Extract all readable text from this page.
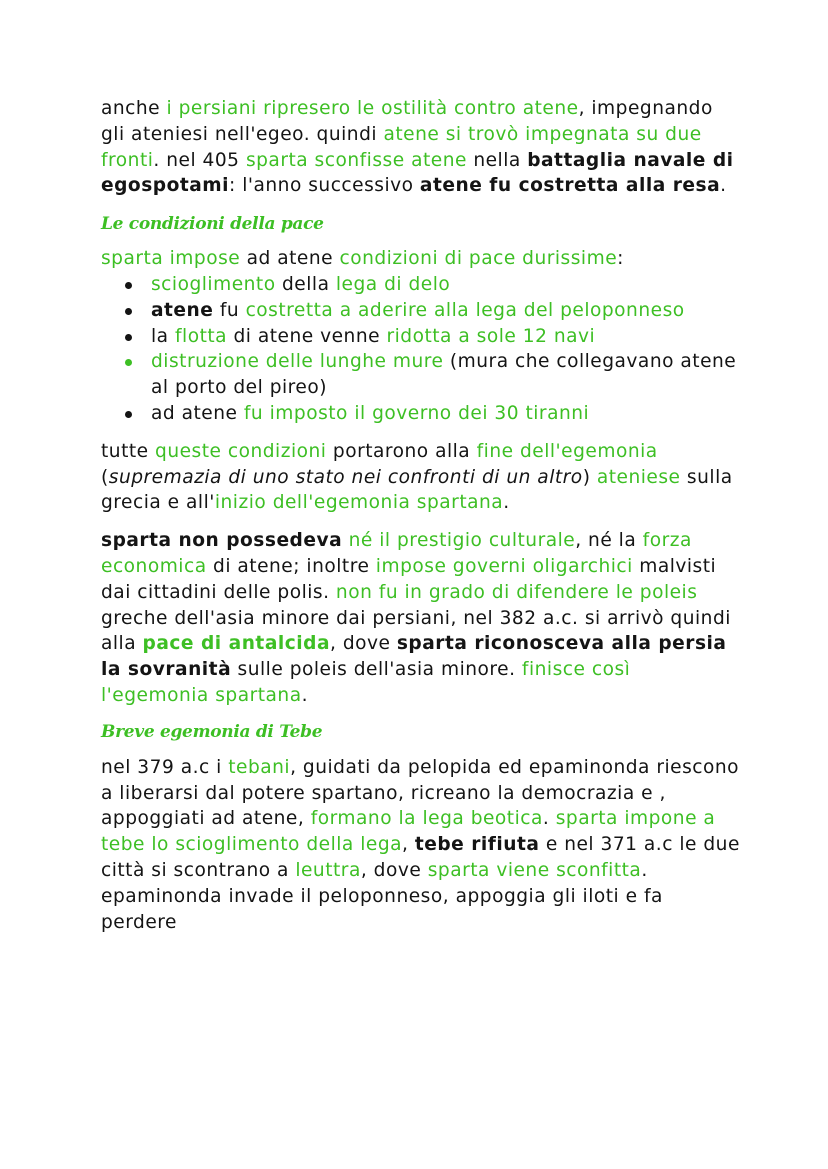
anche i persiani ripresero le ostilità contro atene, impegnando gli ateniesi nell'egeo. quindi atene si trovò impegnata su due fronti. nel 405 sparta sconfisse atene nella battaglia navale di egospotami: l'anno successivo atene fu costretta alla resa.

Le condizioni della pace

sparta impose ad atene condizioni di pace durissime:

scioglimento della lega di delo
atene fu costretta a aderire alla lega del peloponneso
la flotta di atene venne ridotta a sole 12 navi
distruzione delle lunghe mure (mura che collegavano atene al porto del pireo)
ad atene fu imposto il governo dei 30 tiranni

tutte queste condizioni portarono alla fine dell'egemonia (supremazia di uno stato nei confronti di un altro) ateniese sulla grecia e all'inizio dell'egemonia spartana.

sparta non possedeva né il prestigio culturale, né la forza economica di atene; inoltre impose governi oligarchici malvisti dai cittadini delle polis. non fu in grado di difendere le poleis greche dell'asia minore dai persiani, nel 382 a.c. si arrivò quindi alla pace di antalcida, dove sparta riconosceva alla persia la sovranità sulle poleis dell'asia minore. finisce così l'egemonia spartana.

Breve egemonia di Tebe

nel 379 a.c i tebani, guidati da pelopida ed epaminonda riescono a liberarsi dal potere spartano, ricreano la democrazia e , appoggiati ad atene, formano la lega beotica. sparta impone a tebe lo scioglimento della lega, tebe rifiuta e nel 371 a.c le due città si scontrano a leuttra, dove sparta viene sconfitta. epaminonda invade il peloponneso, appoggia gli iloti e fa perdere
